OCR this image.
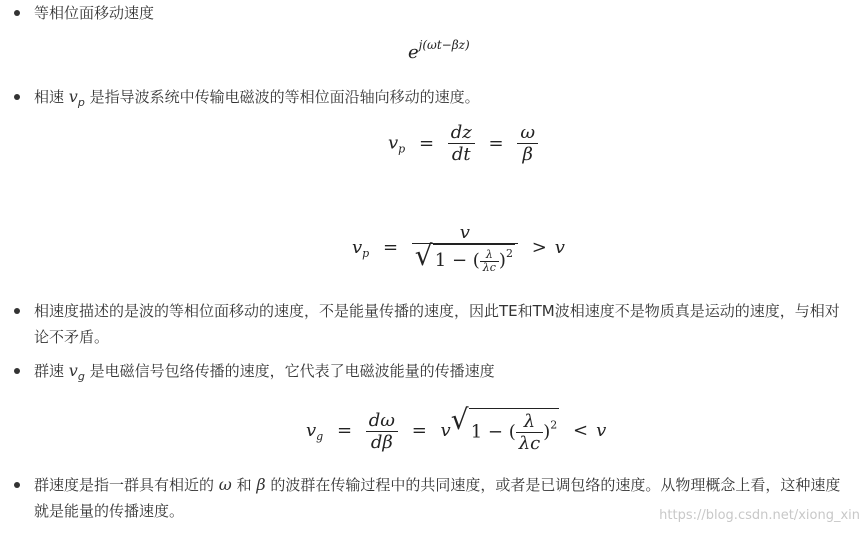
等相位面移动速度
$e^{j(\omega t-\beta z)}$
相速 $v_p$ 是指导波系统中传输电磁波的等相位面沿轴向移动的速度。
$v_p = \frac{dz}{dt} = \frac{\omega}{\beta}$
$v_p = \frac{v}{√ 1 - ( \frac{\lambda}{\lambda c} )^2} > v$
相速度描述的是波的等相位面移动的速度，不是能量传播的速度，因此TE和TM波相速度不是物质真是运动的速度，与相对论不矛盾。
群速 $v_g$ 是电磁信号包络传播的速度，它代表了电磁波能量的传播速度
$v_g = \frac{d\omega}{d\beta} = v$ √ 1 − ( $\frac{\lambda}{\lambda c} )^2 < v$
群速度是指一群具有相近的 ω 和 β 的波群在传输过程中的共同速度，或者是已调包络的速度。从物理概念上看，这种速度就是能量的传播速度。	https://blog.csdn.net/xiong_xin
